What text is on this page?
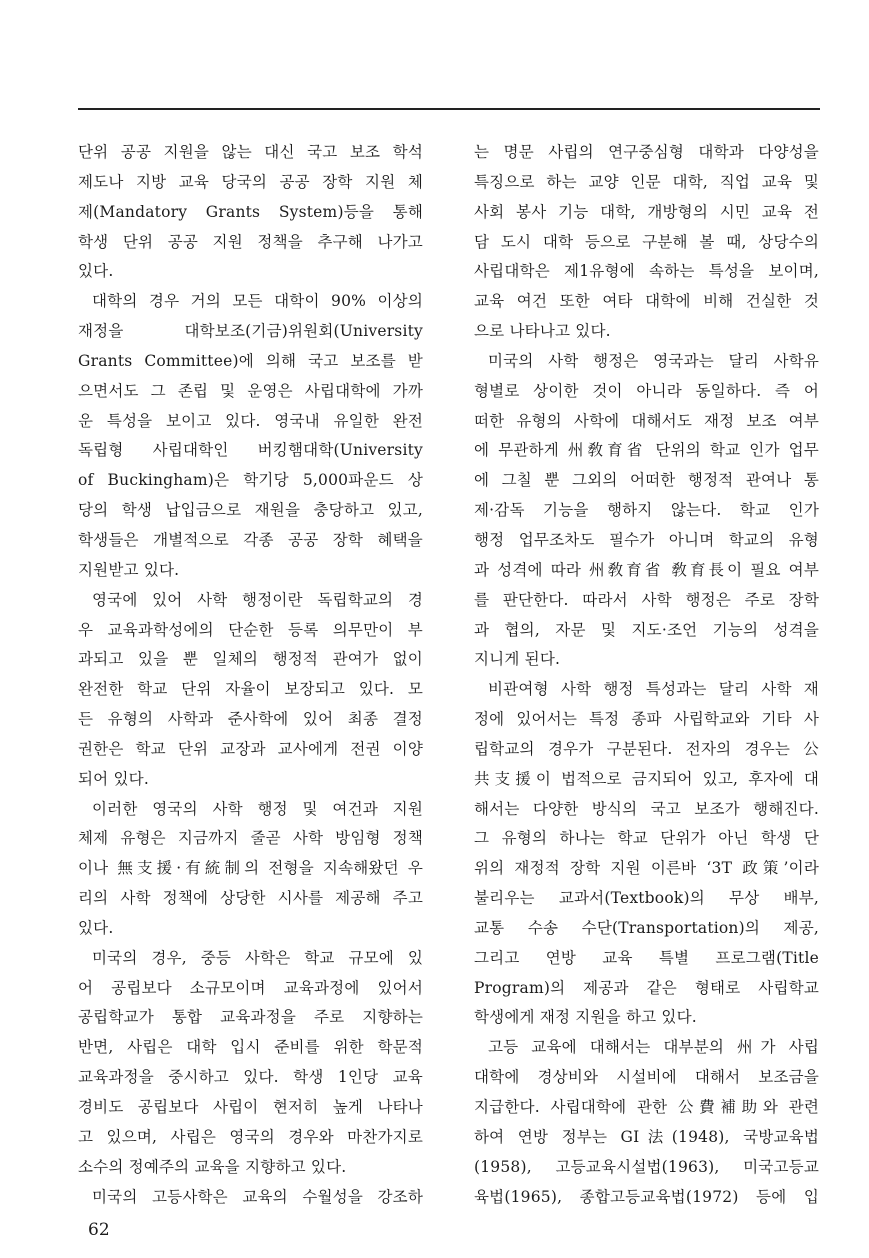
단위 공공 지원을 않는 대신 국고 보조 학석
제도나 지방 교육 당국의 공공 장학 지원 체
제(Mandatory Grants System)등을 통해
학생 단위 공공 지원 정책을 추구해 나가고
있다.
대학의 경우 거의 모든 대학이 90% 이상의
재정을 대학보조(기금)위원회(University
Grants Committee)에 의해 국고 보조를 받
으면서도 그 존립 및 운영은 사립대학에 가까
운 특성을 보이고 있다. 영국내 유일한 완전
독립형 사립대학인 버킹햄대학(University
of Buckingham)은 학기당 5,000파운드 상
당의 학생 납입금으로 재원을 충당하고 있고,
학생들은 개별적으로 각종 공공 장학 혜택을
지원받고 있다.
영국에 있어 사학 행정이란 독립학교의 경
우 교육과학성에의 단순한 등록 의무만이 부
과되고 있을 뿐 일체의 행정적 관여가 없이
완전한 학교 단위 자율이 보장되고 있다. 모
든 유형의 사학과 준사학에 있어 최종 결정
권한은 학교 단위 교장과 교사에게 전권 이양
되어 있다.
이러한 영국의 사학 행정 및 여건과 지원
체제 유형은 지금까지 줄곧 사학 방임형 정책
이나 無支援·有統制의 전형을 지속해왔던 우
리의 사학 정책에 상당한 시사를 제공해 주고
있다.
미국의 경우, 중등 사학은 학교 규모에 있
어 공립보다 소규모이며 교육과정에 있어서
공립학교가 통합 교육과정을 주로 지향하는
반면, 사립은 대학 입시 준비를 위한 학문적
교육과정을 중시하고 있다. 학생 1인당 교육
경비도 공립보다 사립이 현저히 높게 나타나
고 있으며, 사립은 영국의 경우와 마찬가지로
소수의 정예주의 교육을 지향하고 있다.
미국의 고등사학은 교육의 수월성을 강조하
는 명문 사립의 연구중심형 대학과 다양성을
특징으로 하는 교양 인문 대학, 직업 교육 및
사회 봉사 기능 대학, 개방형의 시민 교육 전
담 도시 대학 등으로 구분해 볼 때, 상당수의
사립대학은 제1유형에 속하는 특성을 보이며,
교육 여건 또한 여타 대학에 비해 건실한 것
으로 나타나고 있다.
미국의 사학 행정은 영국과는 달리 사학유
형별로 상이한 것이 아니라 동일하다. 즉 어
떠한 유형의 사학에 대해서도 재정 보조 여부
에 무관하게 州敎育省 단위의 학교 인가 업무
에 그칠 뿐 그외의 어떠한 행정적 관여나 통
제·감독 기능을 행하지 않는다. 학교 인가
행정 업무조차도 필수가 아니며 학교의 유형
과 성격에 따라 州敎育省 敎育長이 필요 여부
를 판단한다. 따라서 사학 행정은 주로 장학
과 협의, 자문 및 지도·조언 기능의 성격을
지니게 된다.
비관여형 사학 행정 특성과는 달리 사학 재
정에 있어서는 특정 종파 사립학교와 기타 사
립학교의 경우가 구분된다. 전자의 경우는 公
共支援이 법적으로 금지되어 있고, 후자에 대
해서는 다양한 방식의 국고 보조가 행해진다.
그 유형의 하나는 학교 단위가 아닌 학생 단
위의 재정적 장학 지원 이른바 ‘3T 政策’이라
불리우는 교과서(Textbook)의 무상 배부,
교통 수송 수단(Transportation)의 제공,
그리고 연방 교육 특별 프로그램(Title
Program)의 제공과 같은 형태로 사립학교
학생에게 재정 지원을 하고 있다.
고등 교육에 대해서는 대부분의 州가 사립
대학에 경상비와 시설비에 대해서 보조금을
지급한다. 사립대학에 관한 公費補助와 관련
하여 연방 정부는 GI法(1948), 국방교육법
(1958), 고등교육시설법(1963), 미국고등교
육법(1965), 종합고등교육법(1972) 등에 입
62
